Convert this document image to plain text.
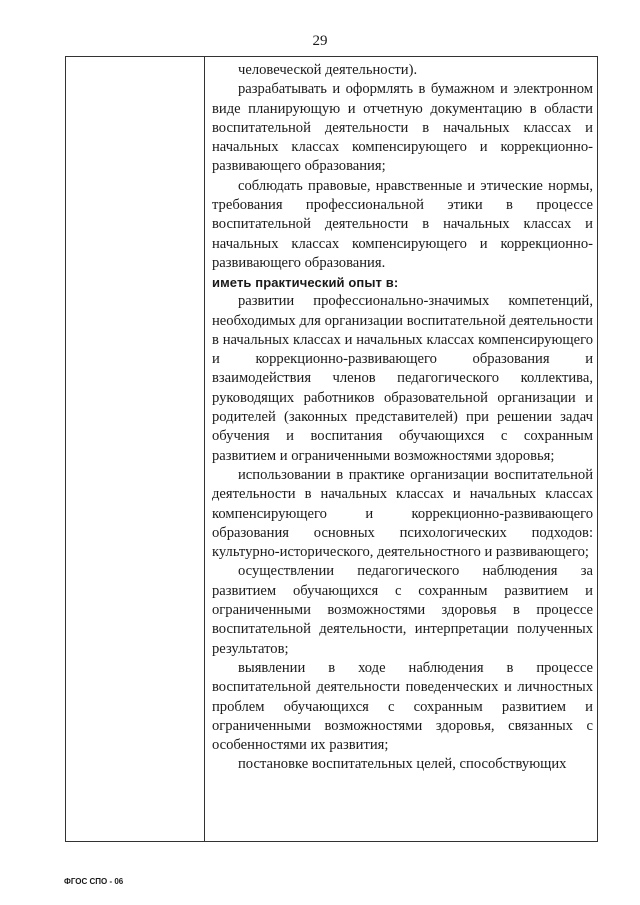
29

человеческой деятельности).

разрабатывать и оформлять в бумажном и электронном виде планирующую и отчетную документацию в области воспитательной деятельности в начальных классах и начальных классах компенсирующего и коррекционно-развивающего образования;

соблюдать правовые, нравственные и этические нормы, требования профессиональной этики в процессе воспитательной деятельности в начальных классах и начальных классах компенсирующего и коррекционно-развивающего образования.

иметь практический опыт в:

развитии профессионально-значимых компетенций, необходимых для организации воспитательной деятельности в начальных классах и начальных классах компенсирующего и коррекционно-развивающего образования и взаимодействия членов педагогического коллектива, руководящих работников образовательной организации и родителей (законных представителей) при решении задач обучения и воспитания обучающихся с сохранным развитием и ограниченными возможностями здоровья;

использовании в практике организации воспитательной деятельности в начальных классах и начальных классах компенсирующего и коррекционно-развивающего образования основных психологических подходов: культурно-исторического, деятельностного и развивающего;

осуществлении педагогического наблюдения за развитием обучающихся с сохранным развитием и ограниченными возможностями здоровья в процессе воспитательной деятельности, интерпретации полученных результатов;

выявлении в ходе наблюдения в процессе воспитательной деятельности поведенческих и личностных проблем обучающихся с сохранным развитием и ограниченными возможностями здоровья, связанных с особенностями их развития;

постановке воспитательных целей, способствующих

ФГОС СПО - 06
